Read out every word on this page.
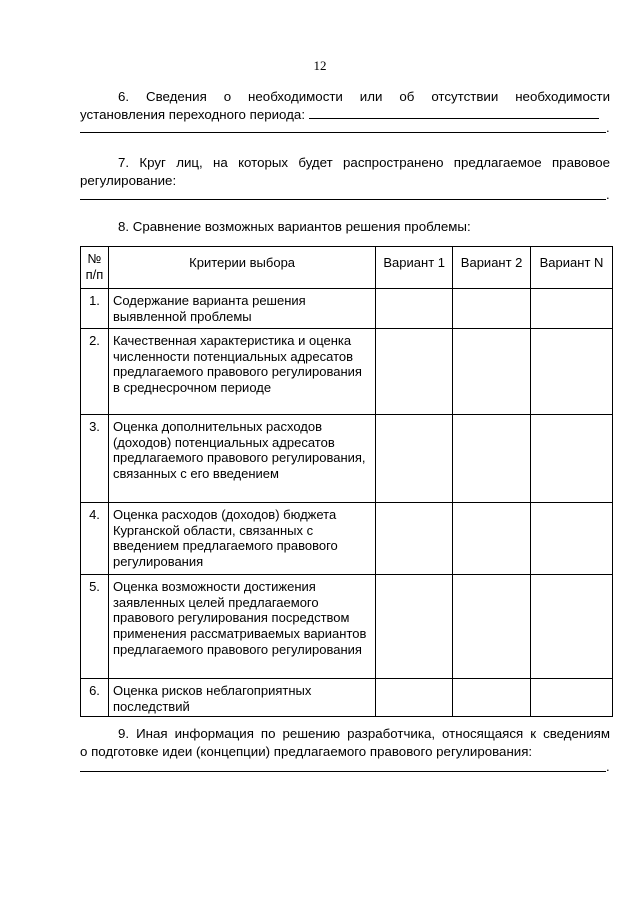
12
6. Сведения о необходимости или об отсутствии необходимости
установления переходного периода:
.
7. Круг лиц, на которых будет распространено предлагаемое правовое
регулирование:
.
8. Сравнение возможных вариантов решения проблемы:
№ п/п	Критерии выбора	Вариант 1	Вариант 2	Вариант N
1.	Содержание варианта решения выявленной проблемы			
2.	Качественная характеристика и оценка численности потенциальных адресатов предлагаемого правового регулирования в среднесрочном периоде			
3.	Оценка дополнительных расходов (доходов) потенциальных адресатов предлагаемого правового регулирования, связанных с его введением			
4.	Оценка расходов (доходов) бюджета Курганской области, связанных с введением предлагаемого правового регулирования			
5.	Оценка возможности достижения заявленных целей предлагаемого правового регулирования посредством применения рассматриваемых вариантов предлагаемого правового регулирования			
6.	Оценка рисков неблагоприятных последствий			
9. Иная информация по решению разработчика, относящаяся к сведениям
о подготовке идеи (концепции) предлагаемого правового регулирования:
.
